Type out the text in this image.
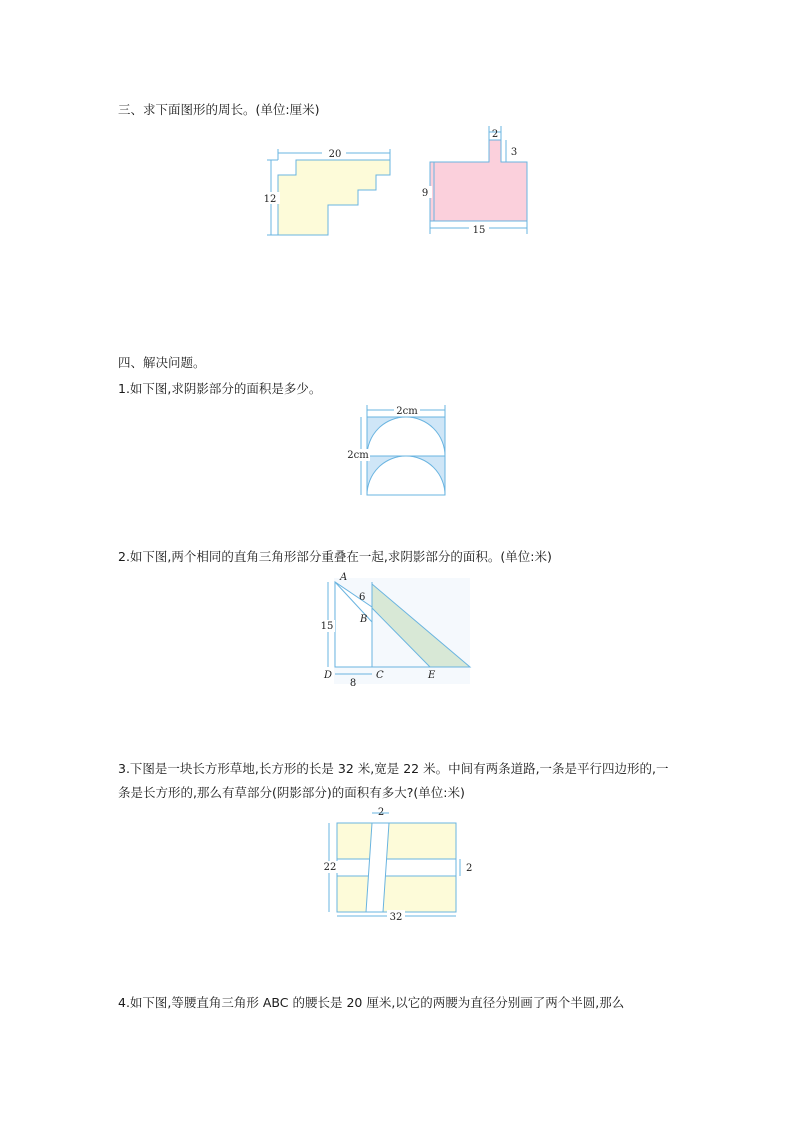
三、求下面图形的周长。(单位:厘米)
20
12
2
3
9
15
四、解决问题。
1.如下图,求阴影部分的面积是多少。
2cm
2cm
2.如下图,两个相同的直角三角形部分重叠在一起,求阴影部分的面积。(单位:米)
A
B
C
D	E
6
15
8
3.下图是一块长方形草地,长方形的长是 32 米,宽是 22 米。中间有两条道路,一条是平行四边形的,一条是长方形的,那么有草部分(阴影部分)的面积有多大?(单位:米)
2
2
22
32
4.如下图,等腰直角三角形 ABC 的腰长是 20 厘米,以它的两腰为直径分别画了两个半圆,那么
